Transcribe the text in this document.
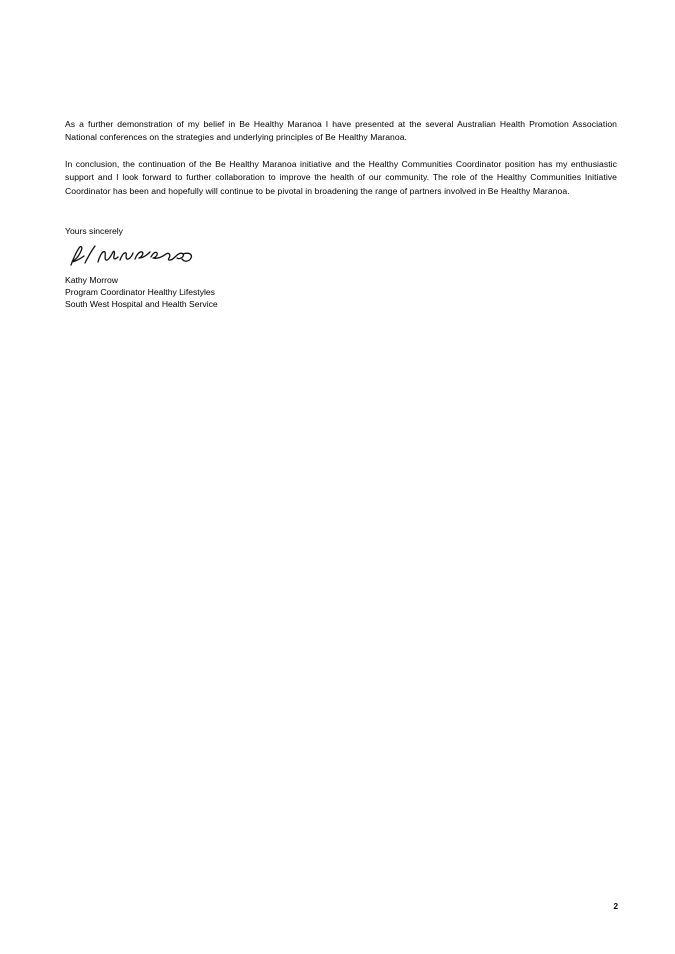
As a further demonstration of my belief in Be Healthy Maranoa I have presented at the several Australian Health Promotion Association National conferences on the strategies and underlying principles of Be Healthy Maranoa.

In conclusion, the continuation of the Be Healthy Maranoa initiative and the Healthy Communities Coordinator position has my enthusiastic support and I look forward to further collaboration to improve the health of our community. The role of the Healthy Communities Initiative Coordinator has been and hopefully will continue to be pivotal in broadening the range of partners involved in Be Healthy Maranoa.

Yours sincerely

Kathy Morrow
Program Coordinator Healthy Lifestyles
South West Hospital and Health Service

2
